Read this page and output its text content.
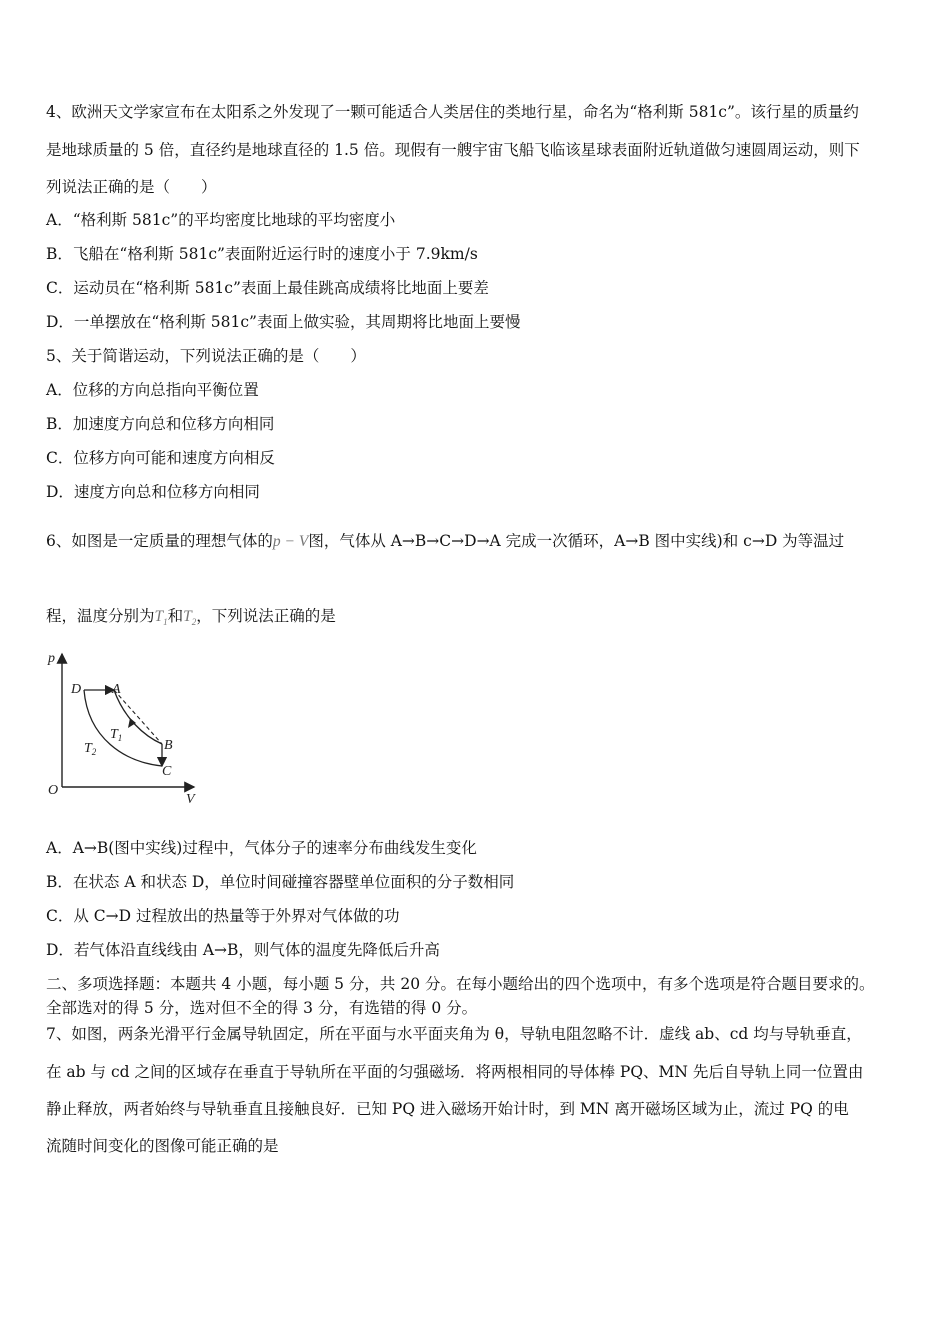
4、欧洲天文学家宣布在太阳系之外发现了一颗可能适合人类居住的类地行星，命名为“格利斯 581c”。该行星的质量约
是地球质量的 5 倍，直径约是地球直径的 1.5 倍。现假有一艘宇宙飞船飞临该星球表面附近轨道做匀速圆周运动，则下
列说法正确的是（　　）
A．“格利斯 581c”的平均密度比地球的平均密度小
B．飞船在“格利斯 581c”表面附近运行时的速度小于 7.9km/s
C．运动员在“格利斯 581c”表面上最佳跳高成绩将比地面上要差
D．一单摆放在“格利斯 581c”表面上做实验，其周期将比地面上要慢
5、关于简谐运动，下列说法正确的是（　　）
A．位移的方向总指向平衡位置
B．加速度方向总和位移方向相同
C．位移方向可能和速度方向相反
D．速度方向总和位移方向相同
6、如图是一定质量的理想气体的p − V图，气体从 A→B→C→D→A 完成一次循环，A→B 图中实线)和 c→D 为等温过
程，温度分别为$T_1$和$T_2$，下列说法正确的是
p
V
O
A
B
C
D
$T_1$
$T_2$
A．A→B(图中实线)过程中，气体分子的速率分布曲线发生变化
B．在状态 A 和状态 D，单位时间碰撞容器壁单位面积的分子数相同
C．从 C→D 过程放出的热量等于外界对气体做的功
D．若气体沿直线线由 A→B，则气体的温度先降低后升高
二、多项选择题：本题共 4 小题，每小题 5 分，共 20 分。在每小题给出的四个选项中，有多个选项是符合题目要求的。
全部选对的得 5 分，选对但不全的得 3 分，有选错的得 0 分。
7、如图，两条光滑平行金属导轨固定，所在平面与水平面夹角为 θ，导轨电阻忽略不计．虚线 ab、cd 均与导轨垂直，
在 ab 与 cd 之间的区域存在垂直于导轨所在平面的匀强磁场．将两根相同的导体棒 PQ、MN 先后自导轨上同一位置由
静止释放，两者始终与导轨垂直且接触良好．已知 PQ 进入磁场开始计时，到 MN 离开磁场区域为止，流过 PQ 的电
流随时间变化的图像可能正确的是
